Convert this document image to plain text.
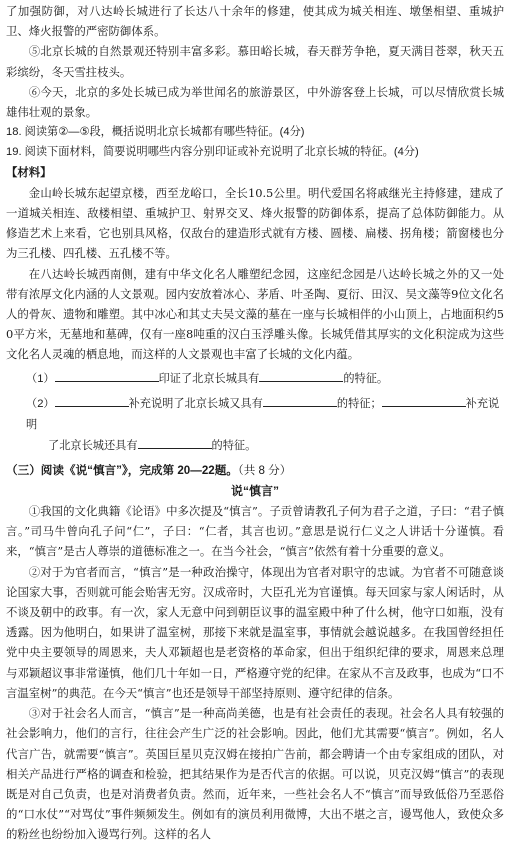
了加强防御，对八达岭长城进行了长达八十余年的修建，使其成为城关相连、墩堡相望、重城护卫、烽火报警的严密防御体系。

⑤北京长城的自然景观还特别丰富多彩。慕田峪长城，春天群芳争艳，夏天满目苍翠，秋天五彩缤纷，冬天雪拄枝头。

⑥今天，北京的多处长城已成为举世闻名的旅游景区，中外游客登上长城，可以尽情欣赏长城雄伟壮观的景象。

18. 阅读第②—⑤段，概括说明北京长城都有哪些特征。(4分)

19. 阅读下面材料，简要说明哪些内容分别印证或补充说明了北京长城的特征。(4分)

【材料】

金山岭长城东起望京楼，西至龙峪口，全长10.5公里。明代爱国名将戚继光主持修建，建成了一道城关相连、敌楼相望、重城护卫、射界交叉、烽火报警的防御体系，提高了总体防御能力。从修造艺术上来看，它也别具风格，仅敌台的建造形式就有方楼、圆楼、扁楼、拐角楼；箭窗楼也分为三孔楼、四孔楼、五孔楼不等。

在八达岭长城西南侧，建有中华文化名人雕塑纪念园，这座纪念园是八达岭长城之外的又一处带有浓厚文化内涵的人文景观。园内安放着冰心、茅盾、叶圣陶、夏衍、田汉、吴文藻等9位文化名人的骨灰、遗物和雕塑。其中冰心和其丈夫吴文藻的墓在一座与长城相伴的小山顶上，占地面积约50平方米，无墓地和墓碑，仅有一座8吨重的汉白玉浮雕头像。长城凭借其厚实的文化积淀成为这些文化名人灵魂的栖息地，而这样的人文景观也丰富了长城的文化内蕴。

（1）	印证了北京长城具有	的特征。

（2）	补充说明了北京长城又具有	的特征；	补充说明
了北京长城还具有	的特征。

（三）阅读《说“慎言”》，完成第 20—22题。（共 8 分）

说“慎言”

①我国的文化典籍《论语》中多次提及“慎言”。子贡曾请教孔子何为君子之道，子曰：“君子慎言。”司马牛曾向孔子问“仁”，子曰：“仁者，其言也讱。”意思是说行仁义之人讲话十分谨慎。看来，“慎言”是古人尊崇的道德标准之一。在当今社会，“慎言”依然有着十分重要的意义。

②对于为官者而言，“慎言”是一种政治操守，体现出为官者对职守的忠诚。为官者不可随意谈论国家大事，否则就可能会贻害无穷。汉成帝时，大臣孔光为官谨慎。每天回家与家人闲话时，从不谈及朝中的政事。有一次，家人无意中问到朝臣议事的温室殿中种了什么树，他守口如瓶，没有透露。因为他明白，如果讲了温室树，那接下来就是温室事，事情就会越说越多。在我国曾经担任党中央主要领导的周恩来，夫人邓颖超也是老资格的革命家，但出于组织纪律的要求，周恩来总理与邓颖超议事非常谨慎，他们几十年如一日，严格遵守党的纪律。在家从不言及政事，也成为“口不言温室树”的典范。在今天“慎言”也还是领导干部坚持原则、遵守纪律的信条。

③对于社会名人而言，“慎言”是一种高尚美德，也是有社会责任的表现。社会名人具有较强的社会影响力，他们的言行，往往会产生广泛的社会影响。因此，他们尤其需要“慎言”。例如，名人代言广告，就需要“慎言”。英国巨星贝克汉姆在接拍广告前，都会聘请一个由专家组成的团队，对相关产品进行严格的调查和检验，把其结果作为是否代言的依据。可以说，贝克汉姆“慎言”的表现既是对自己负责，也是对消费者负责。然而，近年来，一些社会名人不“慎言”而导致低俗乃至恶俗的“口水仗”“对骂仗”事件频频发生。例如有的演员利用微博，大出不堪之言，谩骂他人，致使众多的粉丝也纷纷加入谩骂行列。这样的名人
